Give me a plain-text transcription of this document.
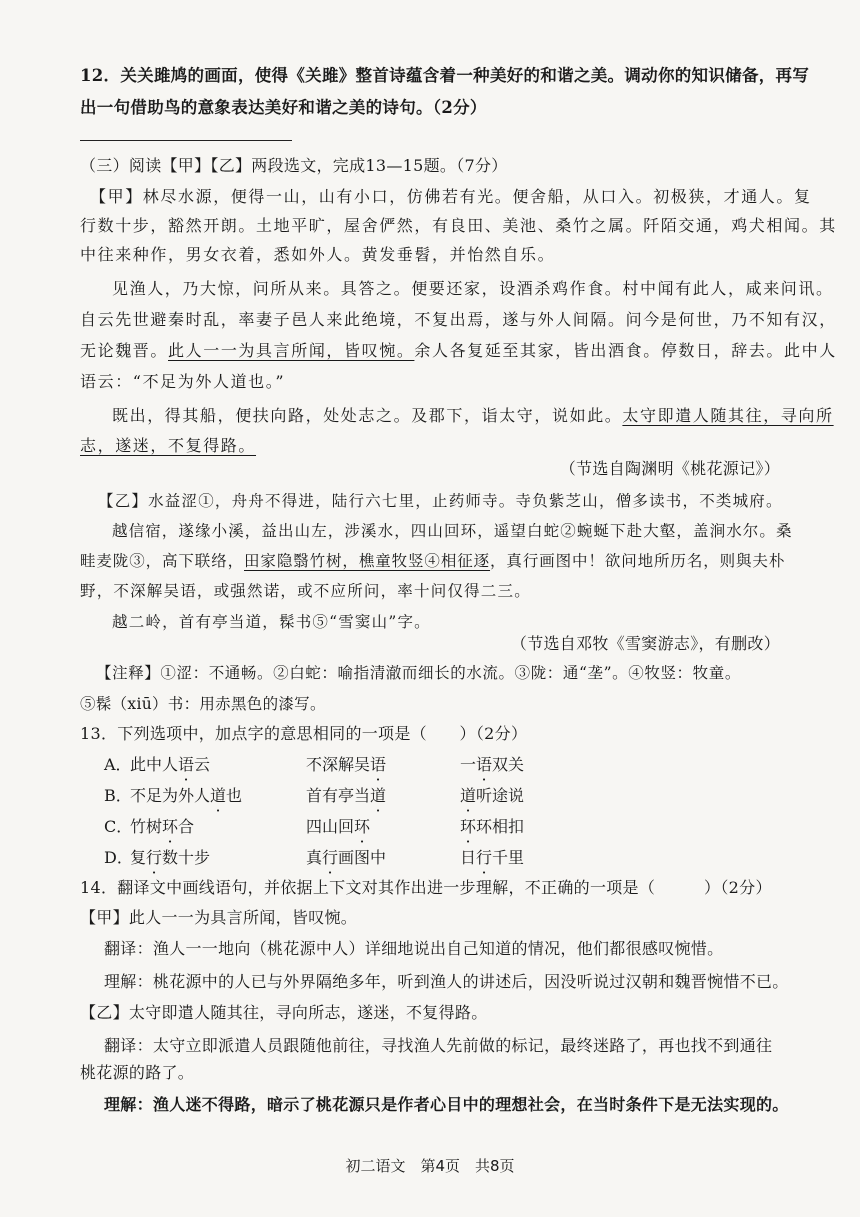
12．关关雎鸠的画面，使得《关雎》整首诗蕴含着一种美好的和谐之美。调动你的知识储备，再写
出一句借助鸟的意象表达美好和谐之美的诗句。（2分）
（三）阅读【甲】【乙】两段选文，完成13—15题。（7分）
【甲】林尽水源，便得一山，山有小口，仿佛若有光。便舍船，从口入。初极狭，才通人。复
行数十步，豁然开朗。土地平旷，屋舍俨然，有良田、美池、桑竹之属。阡陌交通，鸡犬相闻。其
中往来种作，男女衣着，悉如外人。黄发垂髫，并怡然自乐。
见渔人，乃大惊，问所从来。具答之。便要还家，设酒杀鸡作食。村中闻有此人，咸来问讯。
自云先世避秦时乱，率妻子邑人来此绝境，不复出焉，遂与外人间隔。问今是何世，乃不知有汉，
无论魏晋。此人一一为具言所闻，皆叹惋。余人各复延至其家，皆出酒食。停数日，辞去。此中人
语云：“不足为外人道也。”
既出，得其船，便扶向路，处处志之。及郡下，诣太守，说如此。太守即遣人随其往，寻向所
志，遂迷，不复得路。
（节选自陶渊明《桃花源记》）
【乙】水益涩①，舟舟不得进，陆行六七里，止药师寺。寺负紫芝山，僧多读书，不类城府。
越信宿，遂缘小溪，益出山左，涉溪水，四山回环，遥望白蛇②蜿蜒下赴大壑，盖涧水尔。桑
畦麦陇③，高下联络，田家隐翳竹树，樵童牧竖④相征逐，真行画图中！欲问地所历名，则與夫朴
野，不深解吴语，或强然诺，或不应所问，率十问仅得二三。
越二岭，首有亭当道，髹书⑤“雪窦山”字。
（节选自邓牧《雪窦游志》，有删改）
【注释】①涩：不通畅。②白蛇：喻指清澈而细长的水流。③陇：通“垄”。④牧竖：牧童。
⑤髹（xiū）书：用赤黑色的漆写。
13．下列选项中，加点字的意思相同的一项是（　　）（2分）
A．
此中人语云	不深解吴语	一语双关
B．
不足为外人道也	首有亭当道	道听途说
C．
竹树环合	四山回环	环环相扣
D．
复行数十步	真行画图中	日行千里
14．翻译文中画线语句，并依据上下文对其作出进一步理解，不正确的一项是（　　　）（2分）
【甲】此人一一为具言所闻，皆叹惋。
翻译：渔人一一地向（桃花源中人）详细地说出自己知道的情况，他们都很感叹惋惜。
理解：桃花源中的人已与外界隔绝多年，听到渔人的讲述后，因没听说过汉朝和魏晋惋惜不已。
【乙】太守即遣人随其往，寻向所志，遂迷，不复得路。
翻译：太守立即派遣人员跟随他前往，寻找渔人先前做的标记，最终迷路了，再也找不到通往
桃花源的路了。
理解：渔人迷不得路，暗示了桃花源只是作者心目中的理想社会，在当时条件下是无法实现的。
初二语文　第4页　共8页
